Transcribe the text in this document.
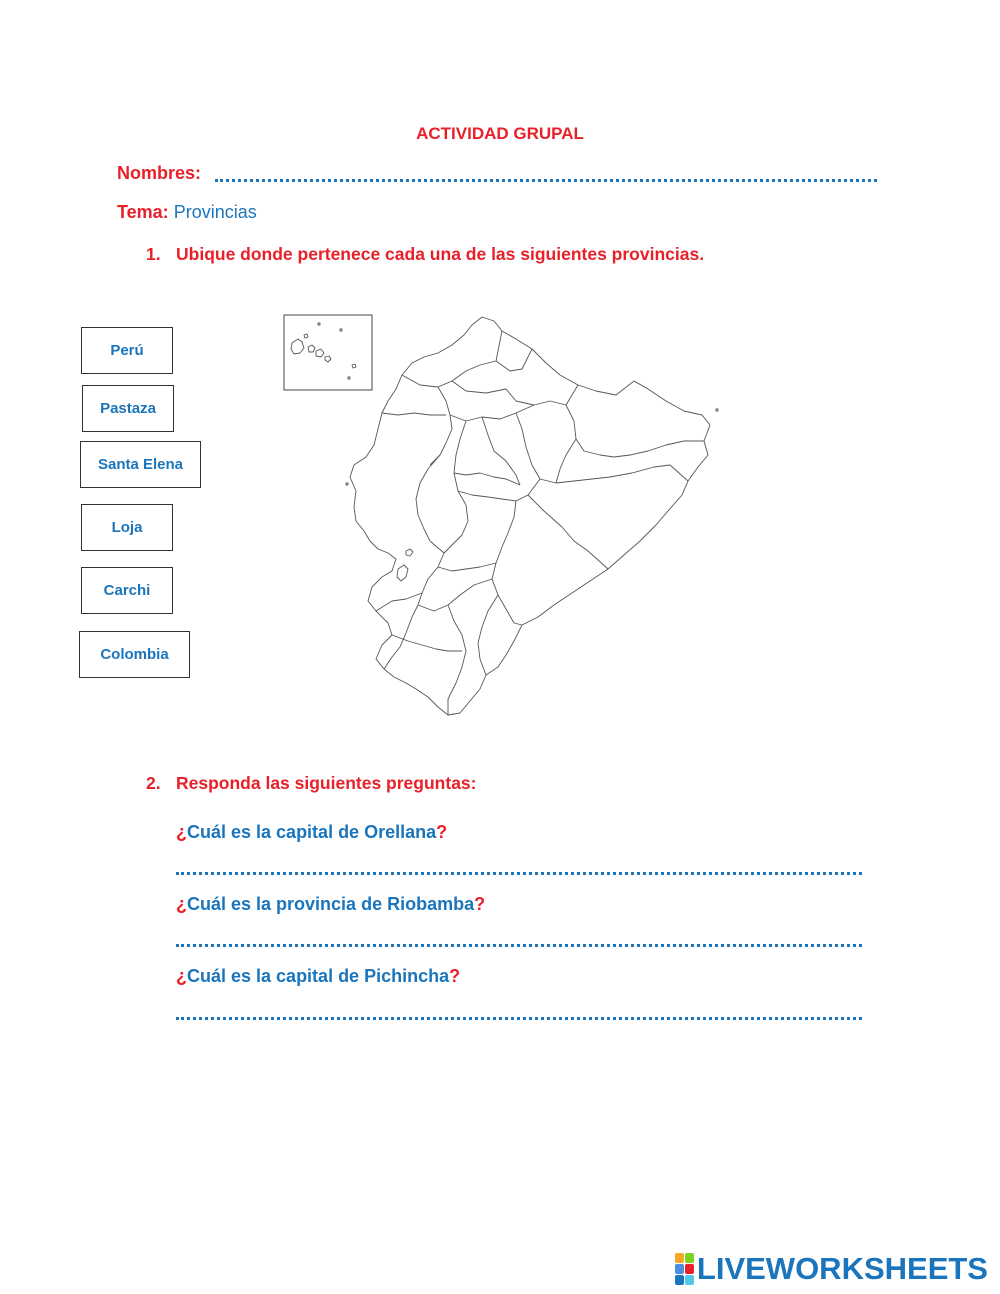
ACTIVIDAD GRUPAL
Nombres:
Tema: Provincias
1. Ubique donde pertenece cada una de las siguientes provincias.
Perú
Pastaza
Santa Elena
Loja
Carchi
Colombia
2. Responda las siguientes preguntas:
¿Cuál es la capital de Orellana?
¿Cuál es la provincia de Riobamba?
¿Cuál es la capital de Pichincha?
LIVEWORKSHEETS
